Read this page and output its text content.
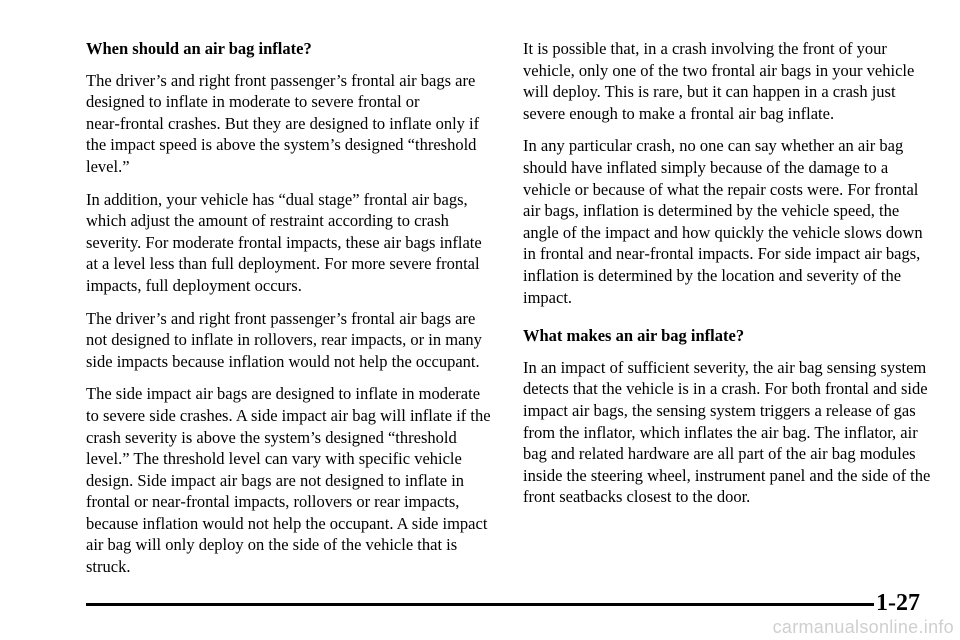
When should an air bag inflate?

The driver’s and right front passenger’s frontal air bags are designed to inflate in moderate to severe frontal or near‑frontal crashes. But they are designed to inflate only if the impact speed is above the system’s designed “threshold level.”

In addition, your vehicle has “dual stage” frontal air bags, which adjust the amount of restraint according to crash severity. For moderate frontal impacts, these air bags inflate at a level less than full deployment. For more severe frontal impacts, full deployment occurs.

The driver’s and right front passenger’s frontal air bags are not designed to inflate in rollovers, rear impacts, or in many side impacts because inflation would not help the occupant.

The side impact air bags are designed to inflate in moderate to severe side crashes. A side impact air bag will inflate if the crash severity is above the system’s designed “threshold level.” The threshold level can vary with specific vehicle design. Side impact air bags are not designed to inflate in frontal or near‑frontal impacts, rollovers or rear impacts, because inflation would not help the occupant. A side impact air bag will only deploy on the side of the vehicle that is struck.

It is possible that, in a crash involving the front of your vehicle, only one of the two frontal air bags in your vehicle will deploy. This is rare, but it can happen in a crash just severe enough to make a frontal air bag inflate.

In any particular crash, no one can say whether an air bag should have inflated simply because of the damage to a vehicle or because of what the repair costs were. For frontal air bags, inflation is determined by the vehicle speed, the angle of the impact and how quickly the vehicle slows down in frontal and near‑frontal impacts. For side impact air bags, inflation is determined by the location and severity of the impact.

What makes an air bag inflate?

In an impact of sufficient severity, the air bag sensing system detects that the vehicle is in a crash. For both frontal and side impact air bags, the sensing system triggers a release of gas from the inflator, which inflates the air bag. The inflator, air bag and related hardware are all part of the air bag modules inside the steering wheel, instrument panel and the side of the front seatbacks closest to the door.

1-27
carmanualsonline.info
